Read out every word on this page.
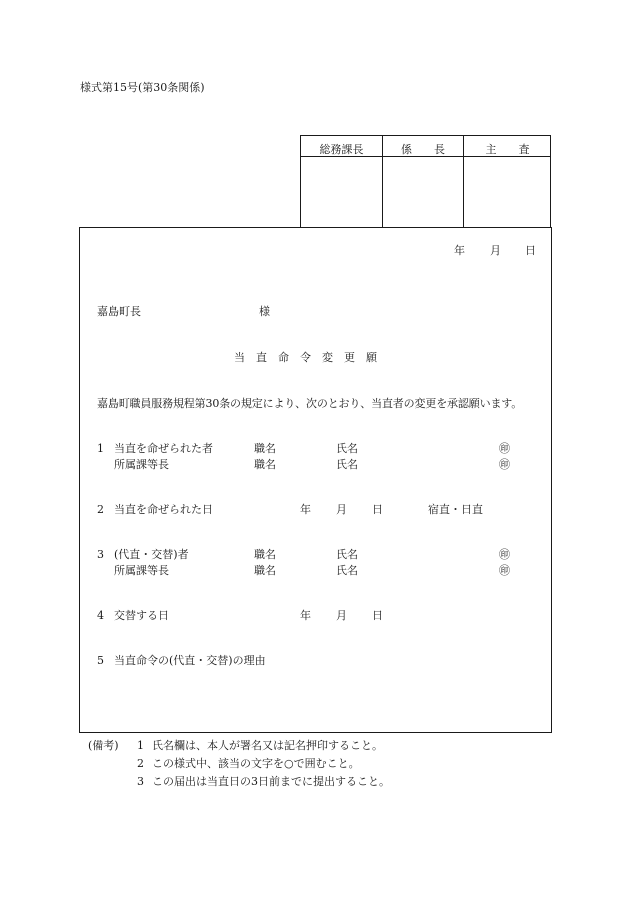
様式第15号(第30条関係)
総務課長	係　　長	主　　査
年 月 日
嘉島町長	様
当　直　命　令　変　更　願
嘉島町職員服務規程第30条の規定により、次のとおり、当直者の変更を承認願います。
1 当直を命ぜられた者	職名	氏名	㊞
所属課等長	職名	氏名	㊞
2 当直を命ぜられた日	年 月 日	宿直・日直
3 (代直・交替)者	職名	氏名	㊞
所属課等長	職名	氏名	㊞
4 交替する日	年 月 日
5 当直命令の(代直・交替)の理由
(備考) 1 氏名欄は、本人が署名又は記名押印すること。
2 この様式中、該当の文字を○で囲むこと。
3 この届出は当直日の3日前までに提出すること。
